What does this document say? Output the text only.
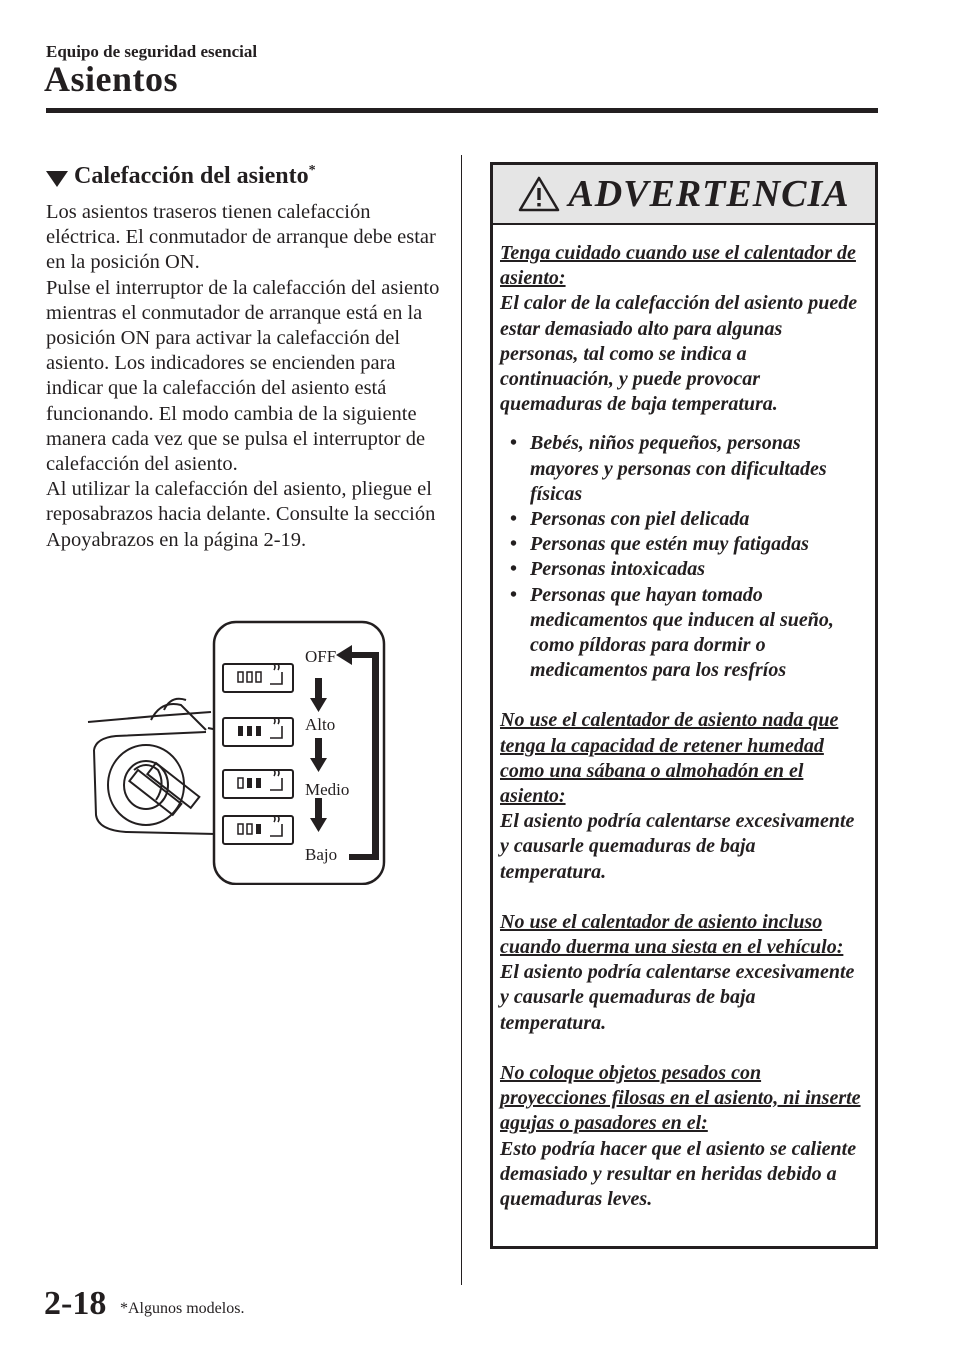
Equipo de seguridad esencial
Asientos
Calefacción del asiento*

Los asientos traseros tienen calefacción eléctrica. El conmutador de arranque debe estar en la posición ON.

Pulse el interruptor de la calefacción del asiento mientras el conmutador de arranque está en la posición ON para activar la calefacción del asiento. Los indicadores se encienden para indicar que la calefacción del asiento está funcionando. El modo cambia de la siguiente manera cada vez que se pulsa el interruptor de calefacción del asiento.

Al utilizar la calefacción del asiento, pliegue el reposabrazos hacia delante. Consulte la sección Apoyabrazos en la página 2-19.

OFF
Alto
Medio
Bajo
ADVERTENCIA
Tenga cuidado cuando use el calentador de asiento:
El calor de la calefacción del asiento puede estar demasiado alto para algunas personas, tal como se indica a continuación, y puede provocar quemaduras de baja temperatura.
• Bebés, niños pequeños, personas mayores y personas con dificultades físicas
• Personas con piel delicada
• Personas que estén muy fatigadas
• Personas intoxicadas
• Personas que hayan tomado medicamentos que inducen al sueño, como píldoras para dormir o medicamentos para los resfríos
No use el calentador de asiento nada que tenga la capacidad de retener humedad como una sábana o almohadón en el asiento:
El asiento podría calentarse excesivamente y causarle quemaduras de baja temperatura.
No use el calentador de asiento incluso cuando duerma una siesta en el vehículo:
El asiento podría calentarse excesivamente y causarle quemaduras de baja temperatura.
No coloque objetos pesados con proyecciones filosas en el asiento, ni inserte agujas o pasadores en el:
Esto podría hacer que el asiento se caliente demasiado y resultar en heridas debido a quemaduras leves.
2-18 *Algunos modelos.
